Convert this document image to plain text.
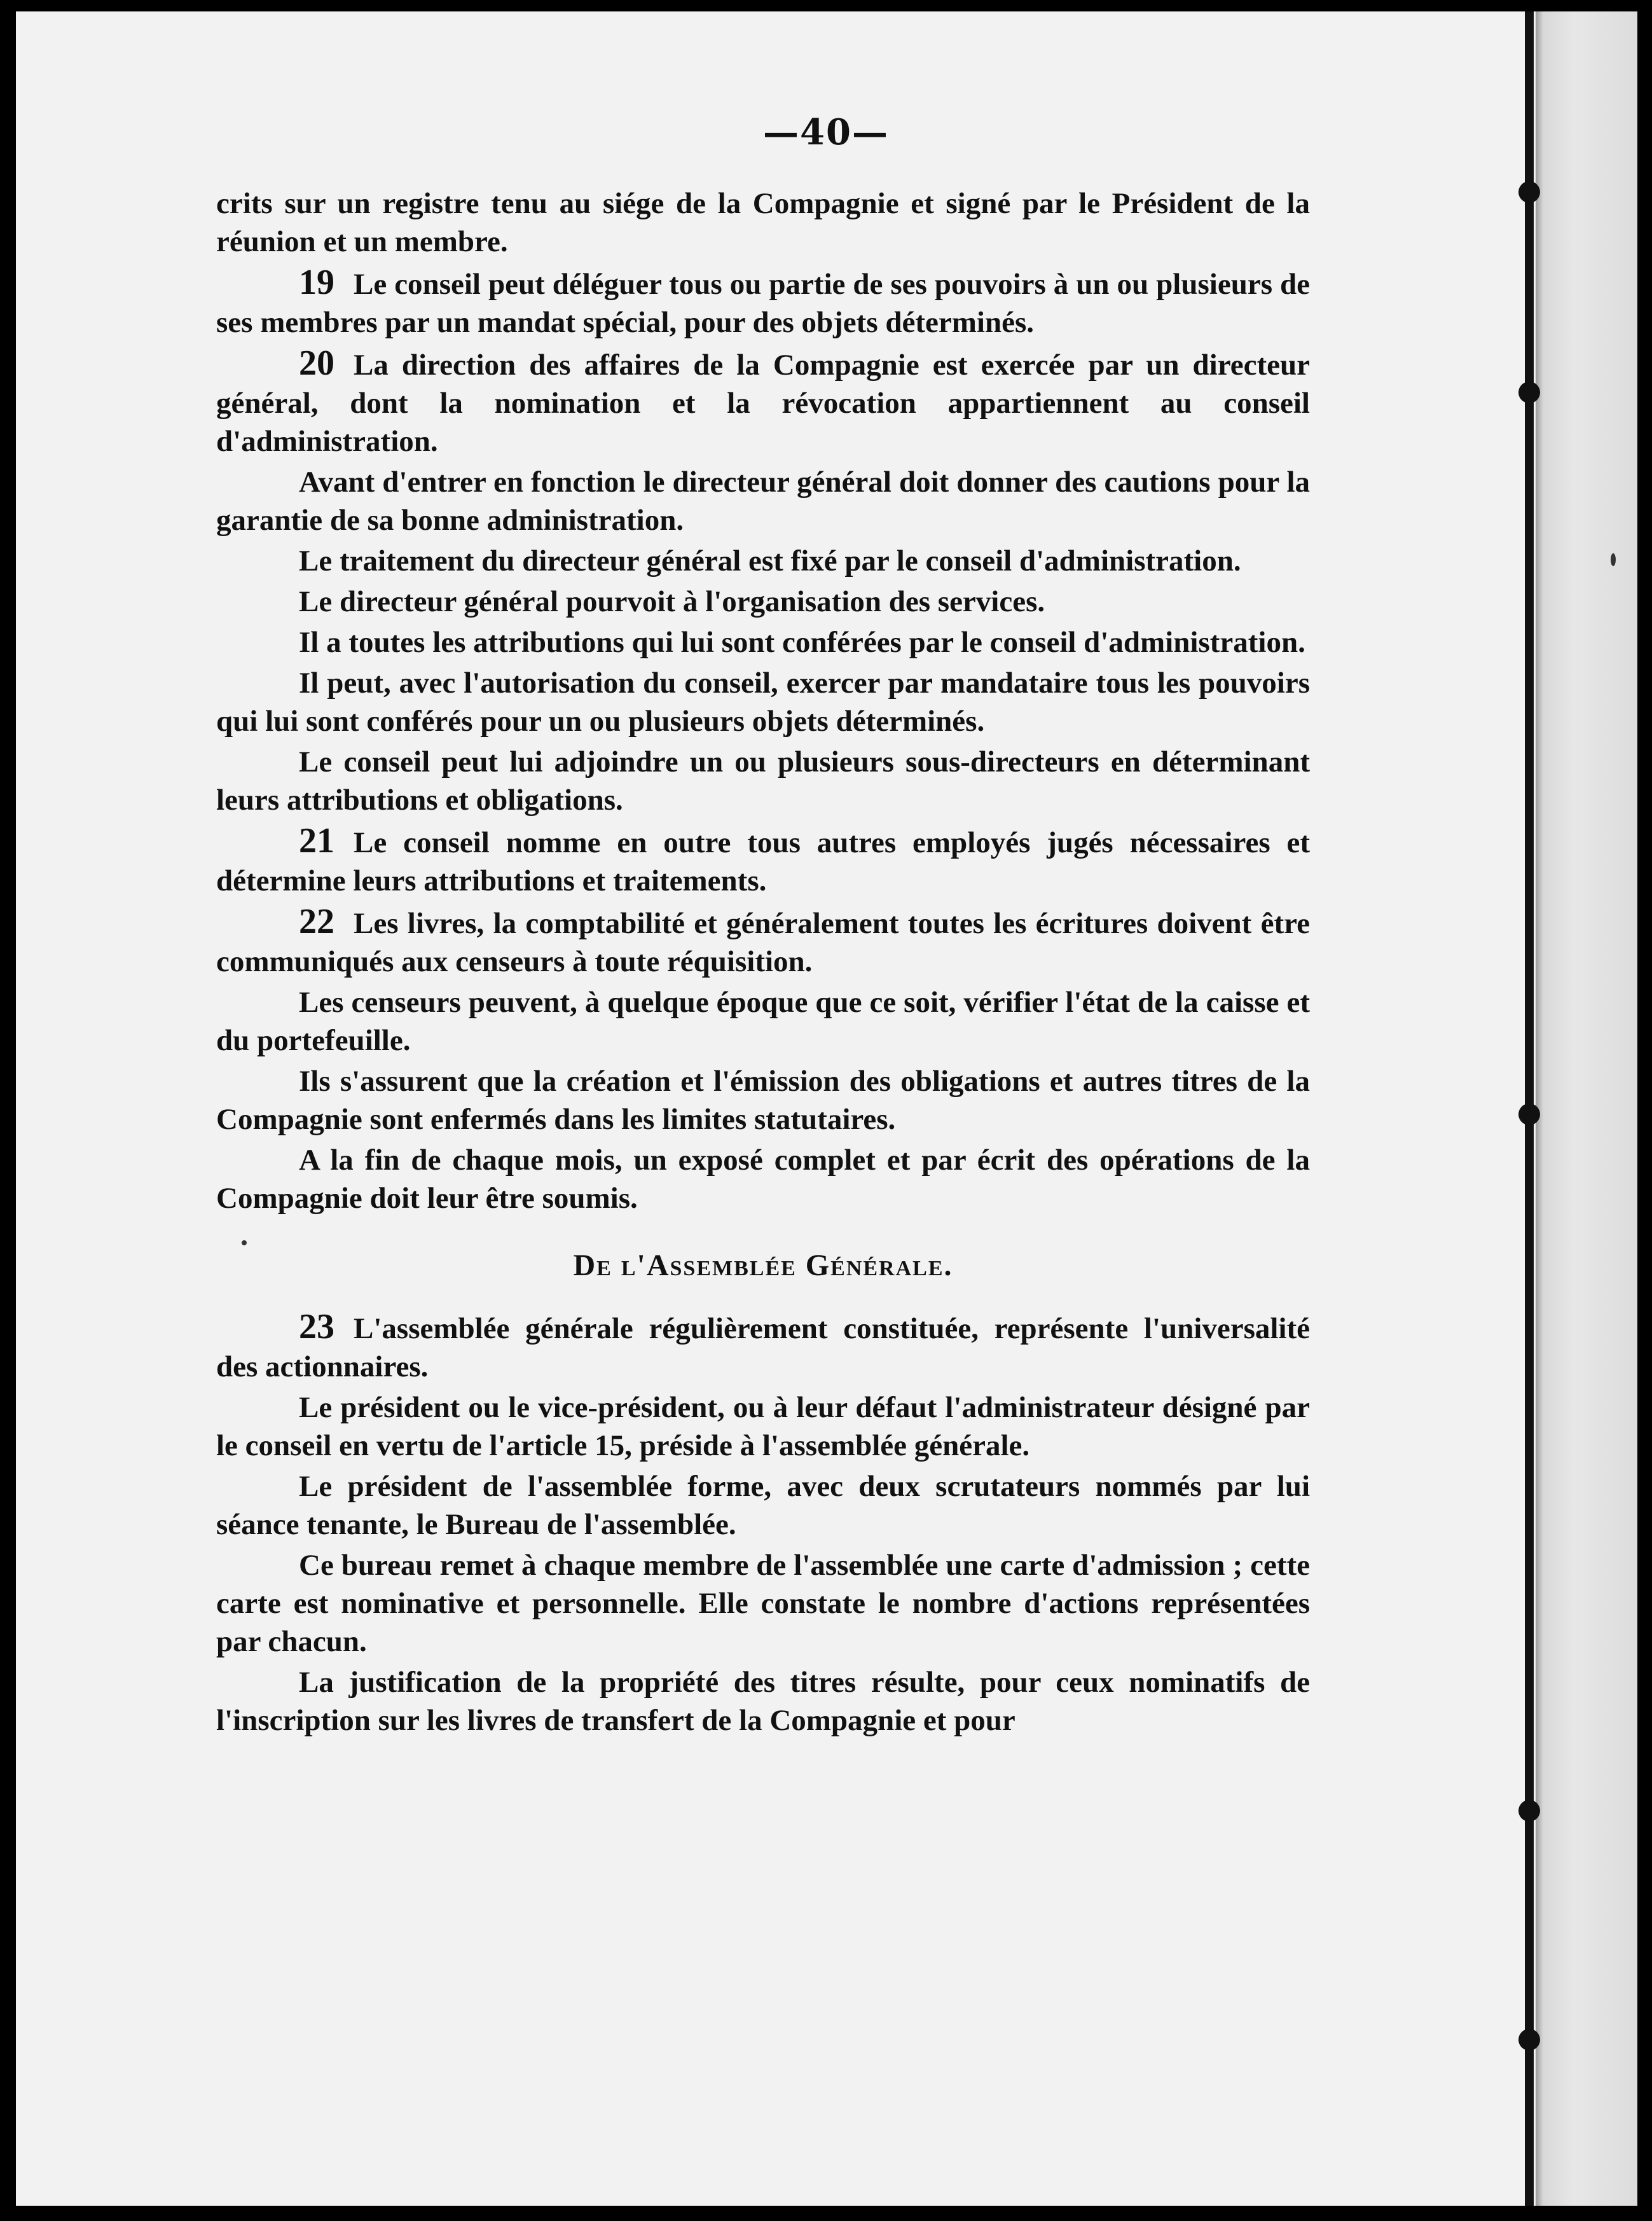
—40—

crits sur un registre tenu au siége de la Compagnie et signé par le Président de la réunion et un membre.

19 Le conseil peut déléguer tous ou partie de ses pouvoirs à un ou plusieurs de ses membres par un mandat spécial, pour des objets déterminés.

20 La direction des affaires de la Compagnie est exercée par un directeur général, dont la nomination et la révocation appartiennent au conseil d'administration.

Avant d'entrer en fonction le directeur général doit donner des cautions pour la garantie de sa bonne administration.

Le traitement du directeur général est fixé par le conseil d'administration.

Le directeur général pourvoit à l'organisation des services.

Il a toutes les attributions qui lui sont conférées par le conseil d'administration.

Il peut, avec l'autorisation du conseil, exercer par mandataire tous les pouvoirs qui lui sont conférés pour un ou plusieurs objets déterminés.

Le conseil peut lui adjoindre un ou plusieurs sous-directeurs en déterminant leurs attributions et obligations.

21 Le conseil nomme en outre tous autres employés jugés nécessaires et détermine leurs attributions et traitements.

22 Les livres, la comptabilité et généralement toutes les écritures doivent être communiqués aux censeurs à toute réquisition.

Les censeurs peuvent, à quelque époque que ce soit, vérifier l'état de la caisse et du portefeuille.

Ils s'assurent que la création et l'émission des obligations et autres titres de la Compagnie sont enfermés dans les limites statutaires.

A la fin de chaque mois, un exposé complet et par écrit des opérations de la Compagnie doit leur être soumis.

De l'Assemblée Générale.

23 L'assemblée générale régulièrement constituée, représente l'universalité des actionnaires.

Le président ou le vice-président, ou à leur défaut l'administrateur désigné par le conseil en vertu de l'article 15, préside à l'assemblée générale.

Le président de l'assemblée forme, avec deux scrutateurs nommés par lui séance tenante, le Bureau de l'assemblée.

Ce bureau remet à chaque membre de l'assemblée une carte d'admission ; cette carte est nominative et personnelle. Elle constate le nombre d'actions représentées par chacun.

La justification de la propriété des titres résulte, pour ceux nominatifs de l'inscription sur les livres de transfert de la Compagnie et pour
